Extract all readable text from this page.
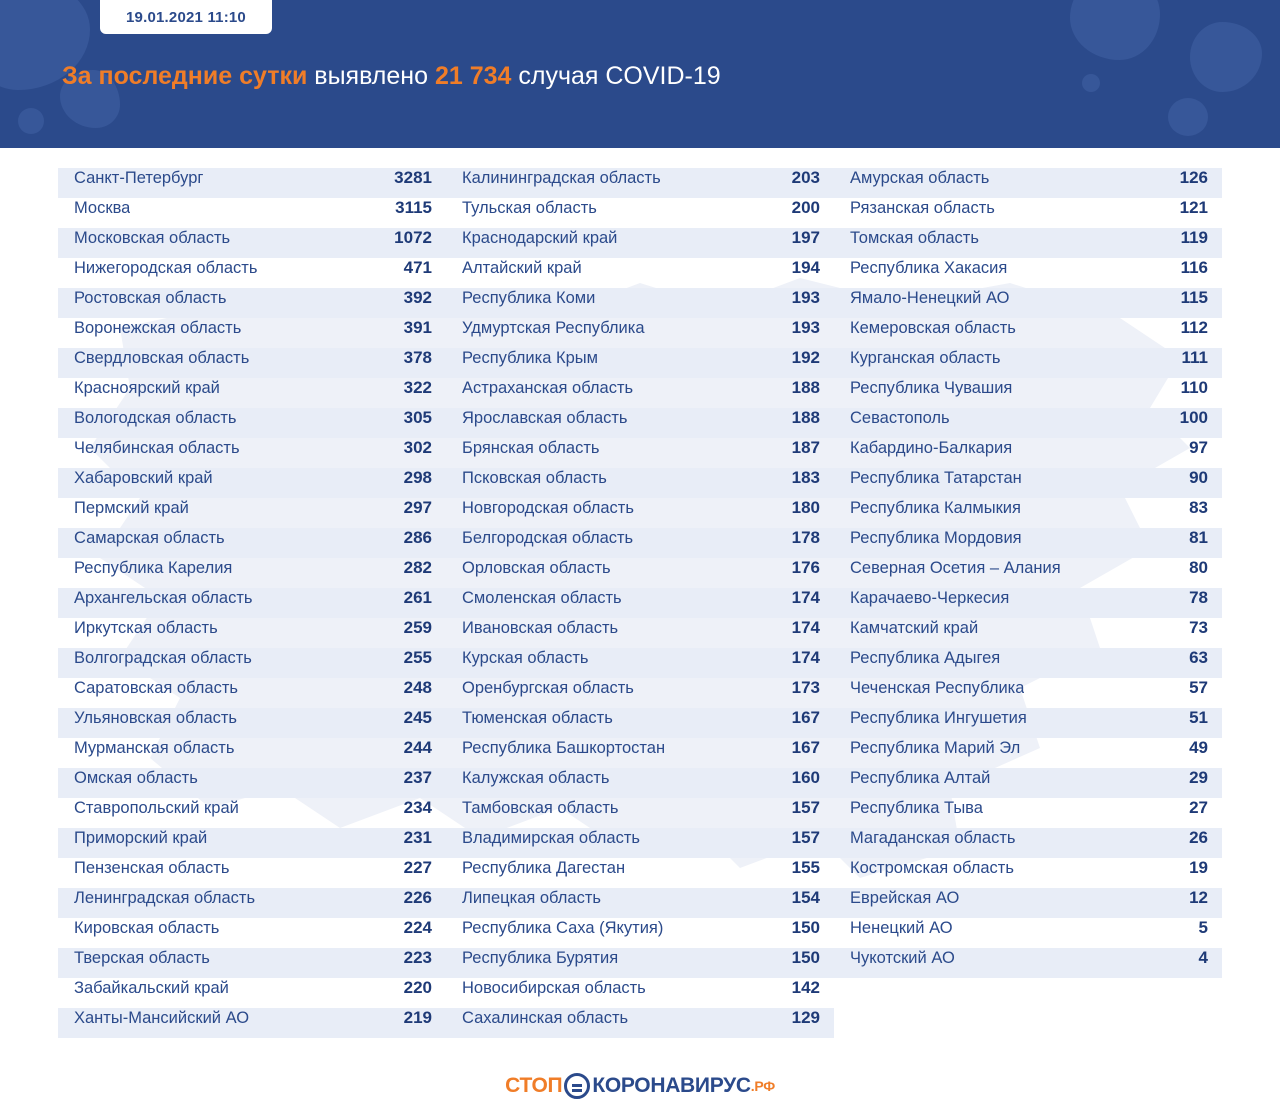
19.01.2021 11:10
За последние сутки выявлено 21 734 случая COVID-19
Санкт-Петербург	3281
Москва	3115
Московская область	1072
Нижегородская область	471
Ростовская область	392
Воронежская область	391
Свердловская область	378
Красноярский край	322
Вологодская область	305
Челябинская область	302
Хабаровский край	298
Пермский край	297
Самарская область	286
Республика Карелия	282
Архангельская область	261
Иркутская область	259
Волгоградская область	255
Саратовская область	248
Ульяновская область	245
Мурманская область	244
Омская область	237
Ставропольский край	234
Приморский край	231
Пензенская область	227
Ленинградская область	226
Кировская область	224
Тверская область	223
Забайкальский край	220
Ханты-Мансийский АО	219
Калининградская область	203
Тульская область	200
Краснодарский край	197
Алтайский край	194
Республика Коми	193
Удмуртская Республика	193
Республика Крым	192
Астраханская область	188
Ярославская область	188
Брянская область	187
Псковская область	183
Новгородская область	180
Белгородская область	178
Орловская область	176
Смоленская область	174
Ивановская область	174
Курская область	174
Оренбургская область	173
Тюменская область	167
Республика Башкортостан	167
Калужская область	160
Тамбовская область	157
Владимирская область	157
Республика Дагестан	155
Липецкая область	154
Республика Саха (Якутия)	150
Республика Бурятия	150
Новосибирская область	142
Сахалинская область	129
Амурская область	126
Рязанская область	121
Томская область	119
Республика Хакасия	116
Ямало-Ненецкий АО	115
Кемеровская область	112
Курганская область	111
Республика Чувашия	110
Севастополь	100
Кабардино-Балкария	97
Республика Татарстан	90
Республика Калмыкия	83
Республика Мордовия	81
Северная Осетия – Алания	80
Карачаево-Черкесия	78
Камчатский край	73
Республика Адыгея	63
Чеченская Республика	57
Республика Ингушетия	51
Республика Марий Эл	49
Республика Алтай	29
Республика Тыва	27
Магаданская область	26
Костромская область	19
Еврейская АО	12
Ненецкий АО	5
Чукотский АО	4
СТОП КОРОНАВИРУС .РФ
